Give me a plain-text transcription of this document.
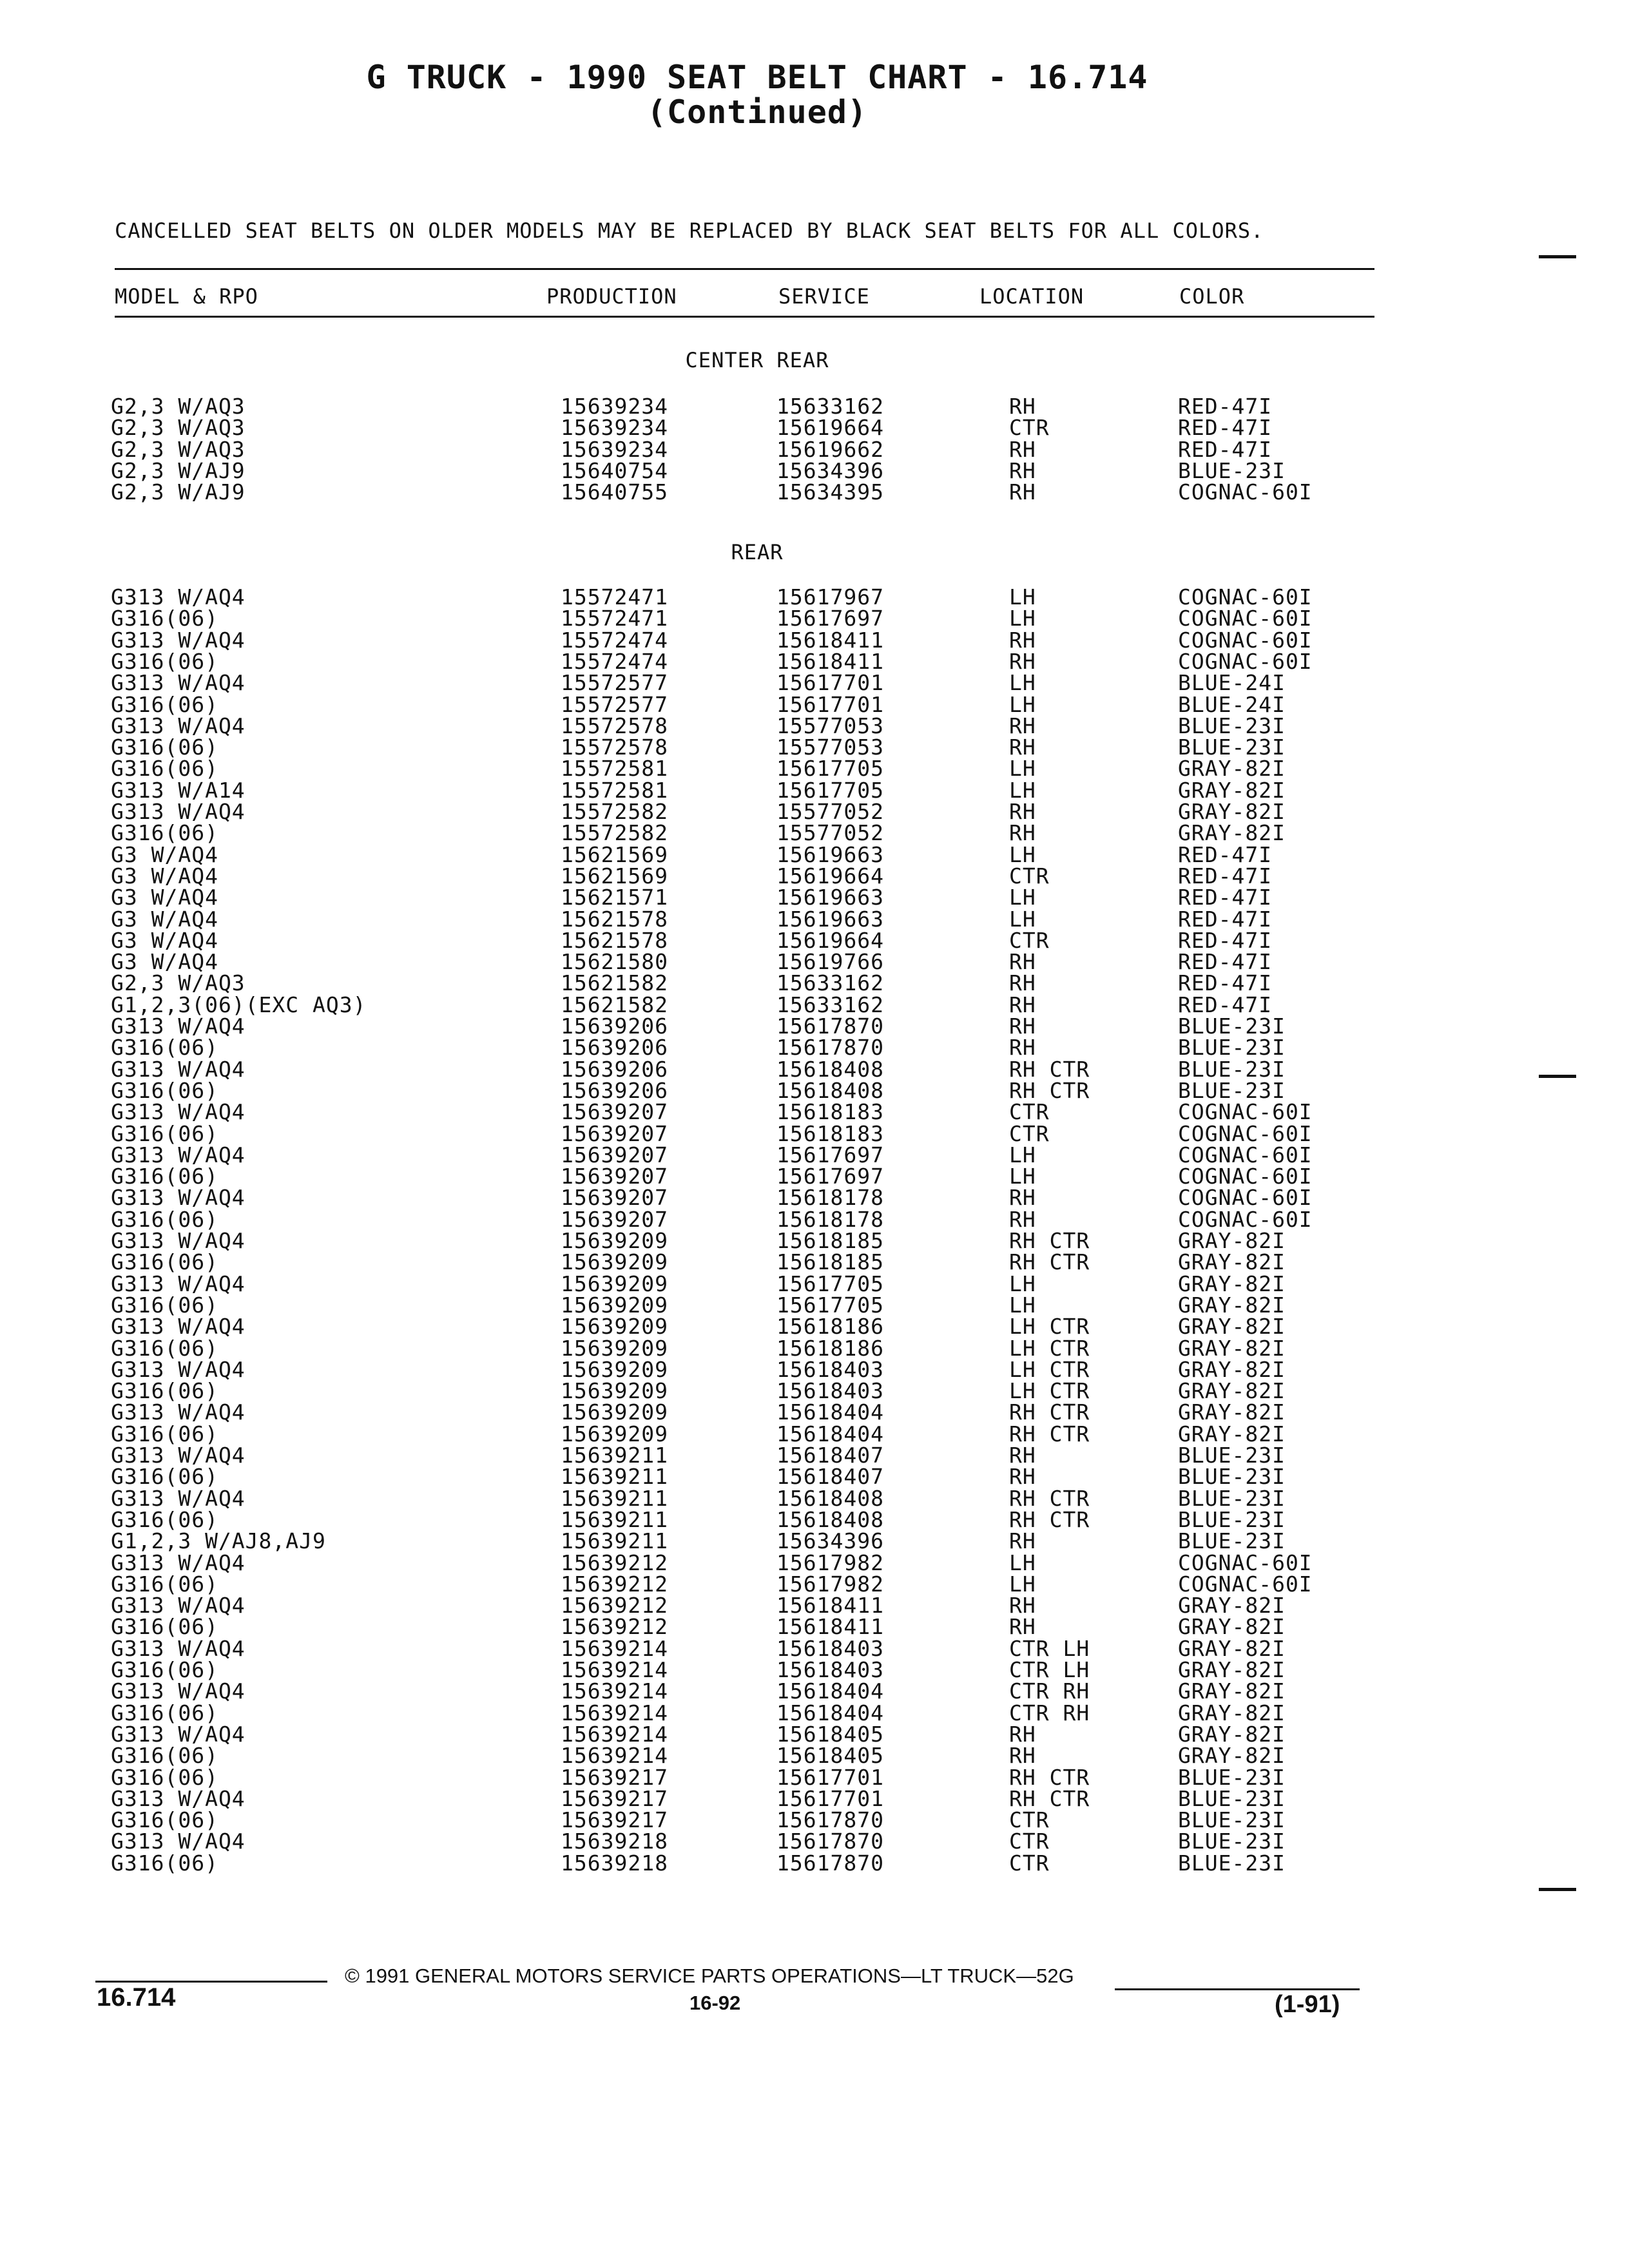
G TRUCK - 1990 SEAT BELT CHART - 16.714
(Continued)
CANCELLED SEAT BELTS ON OLDER MODELS MAY BE REPLACED BY BLACK SEAT BELTS FOR ALL COLORS.
MODEL & RPO	PRODUCTION	SERVICE	LOCATION	COLOR
CENTER REAR
REAR
G2,3 W/AQ3	15639234	15633162	RH	RED-47I
G2,3 W/AQ3	15639234	15619664	CTR	RED-47I
G2,3 W/AQ3	15639234	15619662	RH	RED-47I
G2,3 W/AJ9	15640754	15634396	RH	BLUE-23I
G2,3 W/AJ9	15640755	15634395	RH	COGNAC-60I
G313 W/AQ4	15572471	15617967	LH	COGNAC-60I
G316(06)	15572471	15617697	LH	COGNAC-60I
G313 W/AQ4	15572474	15618411	RH	COGNAC-60I
G316(06)	15572474	15618411	RH	COGNAC-60I
G313 W/AQ4	15572577	15617701	LH	BLUE-24I
G316(06)	15572577	15617701	LH	BLUE-24I
G313 W/AQ4	15572578	15577053	RH	BLUE-23I
G316(06)	15572578	15577053	RH	BLUE-23I
G316(06)	15572581	15617705	LH	GRAY-82I
G313 W/A14	15572581	15617705	LH	GRAY-82I
G313 W/AQ4	15572582	15577052	RH	GRAY-82I
G316(06)	15572582	15577052	RH	GRAY-82I
G3 W/AQ4	15621569	15619663	LH	RED-47I
G3 W/AQ4	15621569	15619664	CTR	RED-47I
G3 W/AQ4	15621571	15619663	LH	RED-47I
G3 W/AQ4	15621578	15619663	LH	RED-47I
G3 W/AQ4	15621578	15619664	CTR	RED-47I
G3 W/AQ4	15621580	15619766	RH	RED-47I
G2,3 W/AQ3	15621582	15633162	RH	RED-47I
G1,2,3(06)(EXC AQ3)	15621582	15633162	RH	RED-47I
G313 W/AQ4	15639206	15617870	RH	BLUE-23I
G316(06)	15639206	15617870	RH	BLUE-23I
G313 W/AQ4	15639206	15618408	RH CTR	BLUE-23I
G316(06)	15639206	15618408	RH CTR	BLUE-23I
G313 W/AQ4	15639207	15618183	CTR	COGNAC-60I
G316(06)	15639207	15618183	CTR	COGNAC-60I
G313 W/AQ4	15639207	15617697	LH	COGNAC-60I
G316(06)	15639207	15617697	LH	COGNAC-60I
G313 W/AQ4	15639207	15618178	RH	COGNAC-60I
G316(06)	15639207	15618178	RH	COGNAC-60I
G313 W/AQ4	15639209	15618185	RH CTR	GRAY-82I
G316(06)	15639209	15618185	RH CTR	GRAY-82I
G313 W/AQ4	15639209	15617705	LH	GRAY-82I
G316(06)	15639209	15617705	LH	GRAY-82I
G313 W/AQ4	15639209	15618186	LH CTR	GRAY-82I
G316(06)	15639209	15618186	LH CTR	GRAY-82I
G313 W/AQ4	15639209	15618403	LH CTR	GRAY-82I
G316(06)	15639209	15618403	LH CTR	GRAY-82I
G313 W/AQ4	15639209	15618404	RH CTR	GRAY-82I
G316(06)	15639209	15618404	RH CTR	GRAY-82I
G313 W/AQ4	15639211	15618407	RH	BLUE-23I
G316(06)	15639211	15618407	RH	BLUE-23I
G313 W/AQ4	15639211	15618408	RH CTR	BLUE-23I
G316(06)	15639211	15618408	RH CTR	BLUE-23I
G1,2,3 W/AJ8,AJ9	15639211	15634396	RH	BLUE-23I
G313 W/AQ4	15639212	15617982	LH	COGNAC-60I
G316(06)	15639212	15617982	LH	COGNAC-60I
G313 W/AQ4	15639212	15618411	RH	GRAY-82I
G316(06)	15639212	15618411	RH	GRAY-82I
G313 W/AQ4	15639214	15618403	CTR LH	GRAY-82I
G316(06)	15639214	15618403	CTR LH	GRAY-82I
G313 W/AQ4	15639214	15618404	CTR RH	GRAY-82I
G316(06)	15639214	15618404	CTR RH	GRAY-82I
G313 W/AQ4	15639214	15618405	RH	GRAY-82I
G316(06)	15639214	15618405	RH	GRAY-82I
G316(06)	15639217	15617701	RH CTR	BLUE-23I
G313 W/AQ4	15639217	15617701	RH CTR	BLUE-23I
G316(06)	15639217	15617870	CTR	BLUE-23I
G313 W/AQ4	15639218	15617870	CTR	BLUE-23I
G316(06)	15639218	15617870	CTR	BLUE-23I
© 1991 GENERAL MOTORS SERVICE PARTS OPERATIONS—LT TRUCK—52G
16.714	16-92	(1-91)
